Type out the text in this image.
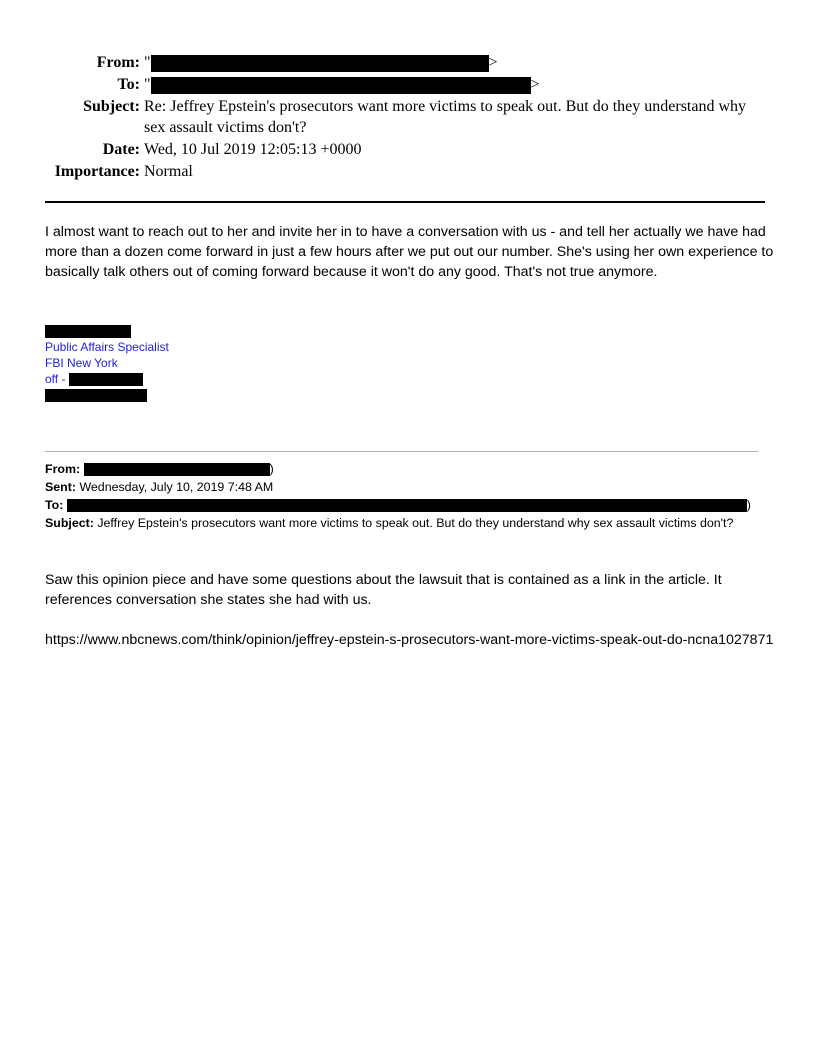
From: "	>
To: "	>
Subject: Re: Jeffrey Epstein's prosecutors want more victims to speak out. But do they understand why sex assault victims don't?
Date: Wed, 10 Jul 2019 12:05:13 +0000
Importance: Normal
I almost want to reach out to her and invite her in to have a conversation with us - and tell her actually we have had more than a dozen come forward in just a few hours after we put out our number. She's using her own experience to basically talk others out of coming forward because it won't do any good. That's not true anymore.
Public Affairs Specialist
FBI New York
off -
From:	)
Sent: Wednesday, July 10, 2019 7:48 AM
To:	)
Subject: Jeffrey Epstein's prosecutors want more victims to speak out. But do they understand why sex assault victims don't?
Saw this opinion piece and have some questions about the lawsuit that is contained as a link in the article. It references conversation she states she had with us.
https://www.nbcnews.com/think/opinion/jeffrey-epstein-s-prosecutors-want-more-victims-speak-out-do-ncna1027871
